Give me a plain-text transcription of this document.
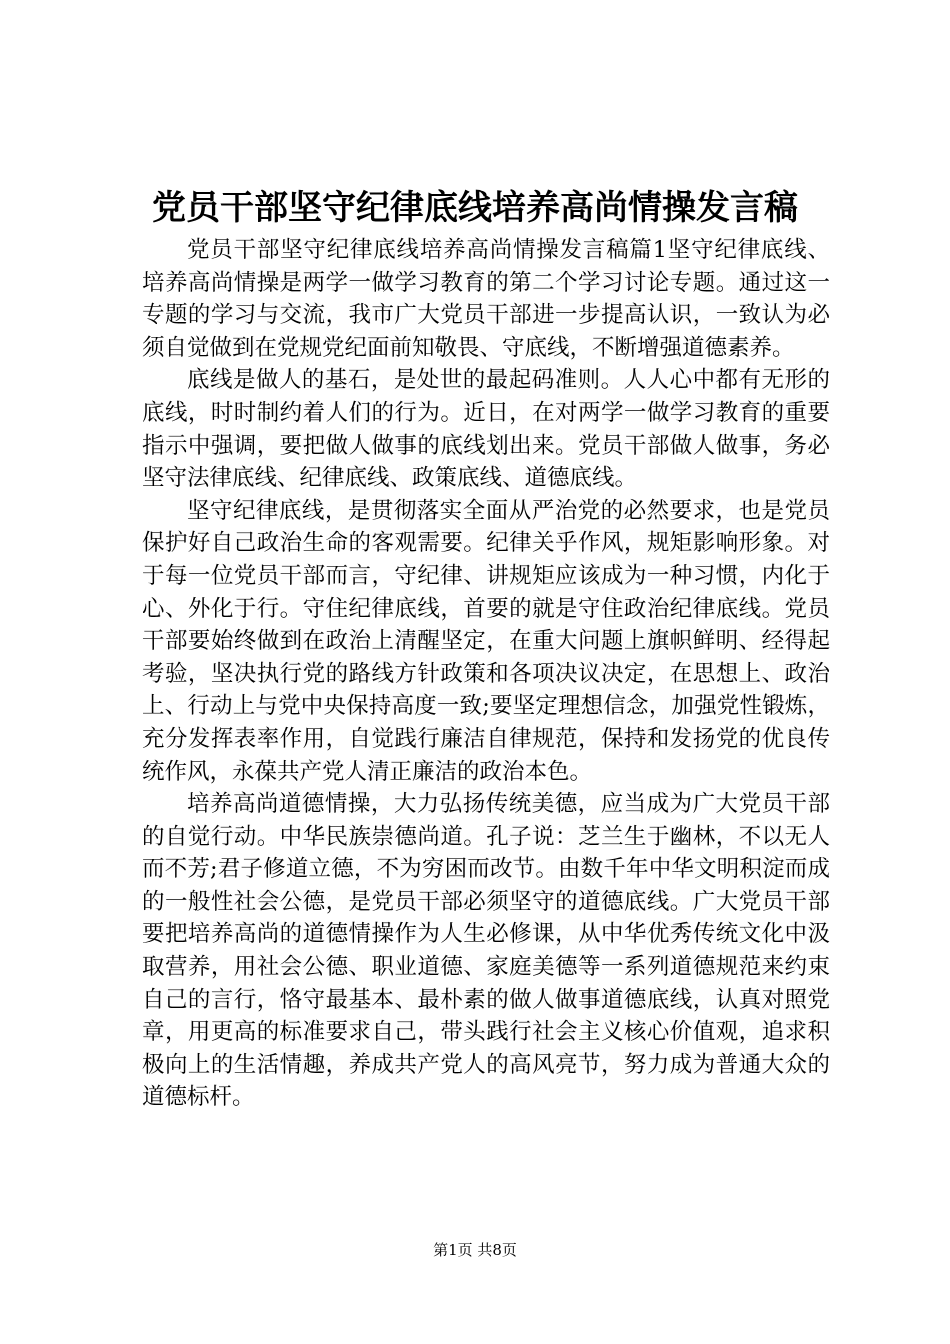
党员干部坚守纪律底线培养高尚情操发言稿

党员干部坚守纪律底线培养高尚情操发言稿篇1坚守纪律底线、培养高尚情操是两学一做学习教育的第二个学习讨论专题。通过这一专题的学习与交流，我市广大党员干部进一步提高认识，一致认为必须自觉做到在党规党纪面前知敬畏、守底线，不断增强道德素养。

底线是做人的基石，是处世的最起码准则。人人心中都有无形的底线，时时制约着人们的行为。近日，在对两学一做学习教育的重要指示中强调，要把做人做事的底线划出来。党员干部做人做事，务必坚守法律底线、纪律底线、政策底线、道德底线。

坚守纪律底线，是贯彻落实全面从严治党的必然要求，也是党员保护好自己政治生命的客观需要。纪律关乎作风，规矩影响形象。对于每一位党员干部而言，守纪律、讲规矩应该成为一种习惯，内化于心、外化于行。守住纪律底线，首要的就是守住政治纪律底线。党员干部要始终做到在政治上清醒坚定，在重大问题上旗帜鲜明、经得起考验，坚决执行党的路线方针政策和各项决议决定，在思想上、政治上、行动上与党中央保持高度一致;要坚定理想信念，加强党性锻炼，充分发挥表率作用，自觉践行廉洁自律规范，保持和发扬党的优良传统作风，永葆共产党人清正廉洁的政治本色。

培养高尚道德情操，大力弘扬传统美德，应当成为广大党员干部的自觉行动。中华民族崇德尚道。孔子说：芝兰生于幽林，不以无人而不芳;君子修道立德，不为穷困而改节。由数千年中华文明积淀而成的一般性社会公德，是党员干部必须坚守的道德底线。广大党员干部要把培养高尚的道德情操作为人生必修课，从中华优秀传统文化中汲取营养，用社会公德、职业道德、家庭美德等一系列道德规范来约束自己的言行，恪守最基本、最朴素的做人做事道德底线，认真对照党章，用更高的标准要求自己，带头践行社会主义核心价值观，追求积极向上的生活情趣，养成共产党人的高风亮节，努力成为普通大众的道德标杆。

第1页 共8页
